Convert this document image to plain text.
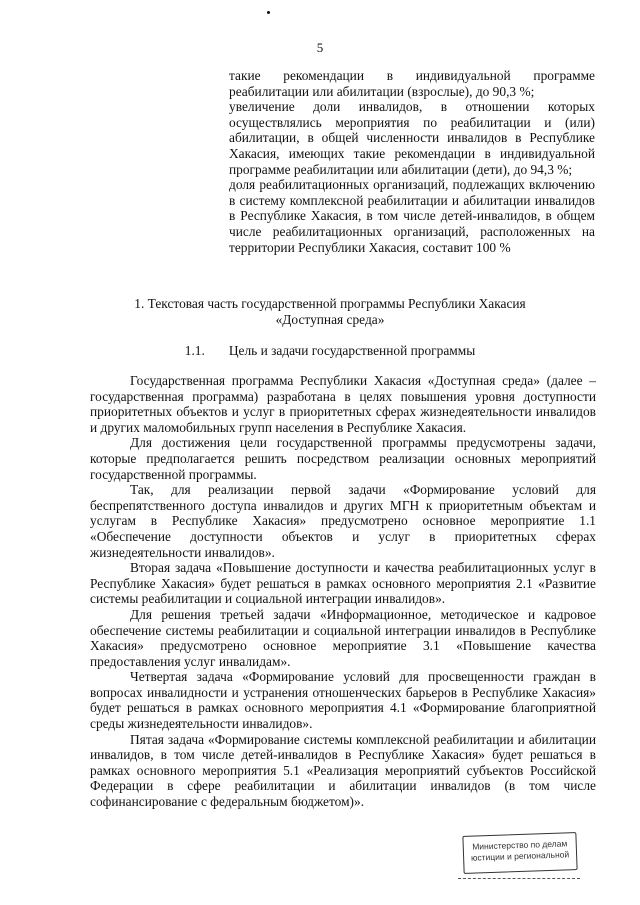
5

такие рекомендации в индивидуальной программе реабилитации или абилитации (взрослые), до 90,3 %;

увеличение доли инвалидов, в отношении которых осуществлялись мероприятия по реабилитации и (или) абилитации, в общей численности инвалидов в Республике Хакасия, имеющих такие рекомендации в индивидуальной программе реабилитации или абилитации (дети), до 94,3 %;

доля реабилитационных организаций, подлежащих включению в систему комплексной реабилитации и абилитации инвалидов в Республике Хакасия, в том числе детей-инвалидов, в общем числе реабилитационных организаций, расположенных на территории Республики Хакасия, составит 100 %

1. Текстовая часть государственной программы Республики Хакасия
«Доступная среда»
1.1. Цель и задачи государственной программы

Государственная программа Республики Хакасия «Доступная среда» (далее – государственная программа) разработана в целях повышения уровня доступности приоритетных объектов и услуг в приоритетных сферах жизнедеятельности инвалидов и других маломобильных групп населения в Республике Хакасия.

Для достижения цели государственной программы предусмотрены задачи, которые предполагается решить посредством реализации основных мероприятий государственной программы.

Так, для реализации первой задачи «Формирование условий для беспрепятственного доступа инвалидов и других МГН к приоритетным объектам и услугам в Республике Хакасия» предусмотрено основное мероприятие 1.1 «Обеспечение доступности объектов и услуг в приоритетных сферах жизнедеятельности инвалидов».

Вторая задача «Повышение доступности и качества реабилитационных услуг в Республике Хакасия» будет решаться в рамках основного мероприятия 2.1 «Развитие системы реабилитации и социальной интеграции инвалидов».

Для решения третьей задачи «Информационное, методическое и кадровое обеспечение системы реабилитации и социальной интеграции инвалидов в Республике Хакасия» предусмотрено основное мероприятие 3.1 «Повышение качества предоставления услуг инвалидам».

Четвертая задача «Формирование условий для просвещенности граждан в вопросах инвалидности и устранения отношенческих барьеров в Республике Хакасия» будет решаться в рамках основного мероприятия 4.1 «Формирование благоприятной среды жизнедеятельности инвалидов».

Пятая задача «Формирование системы комплексной реабилитации и абилитации инвалидов, в том числе детей-инвалидов в Республике Хакасия» будет решаться в рамках основного мероприятия 5.1 «Реализация мероприятий субъектов Российской Федерации в сфере реабилитации и абилитации инвалидов (в том числе софинансирование с федеральным бюджетом)».

Министерство по делам
юстиции и региональной
